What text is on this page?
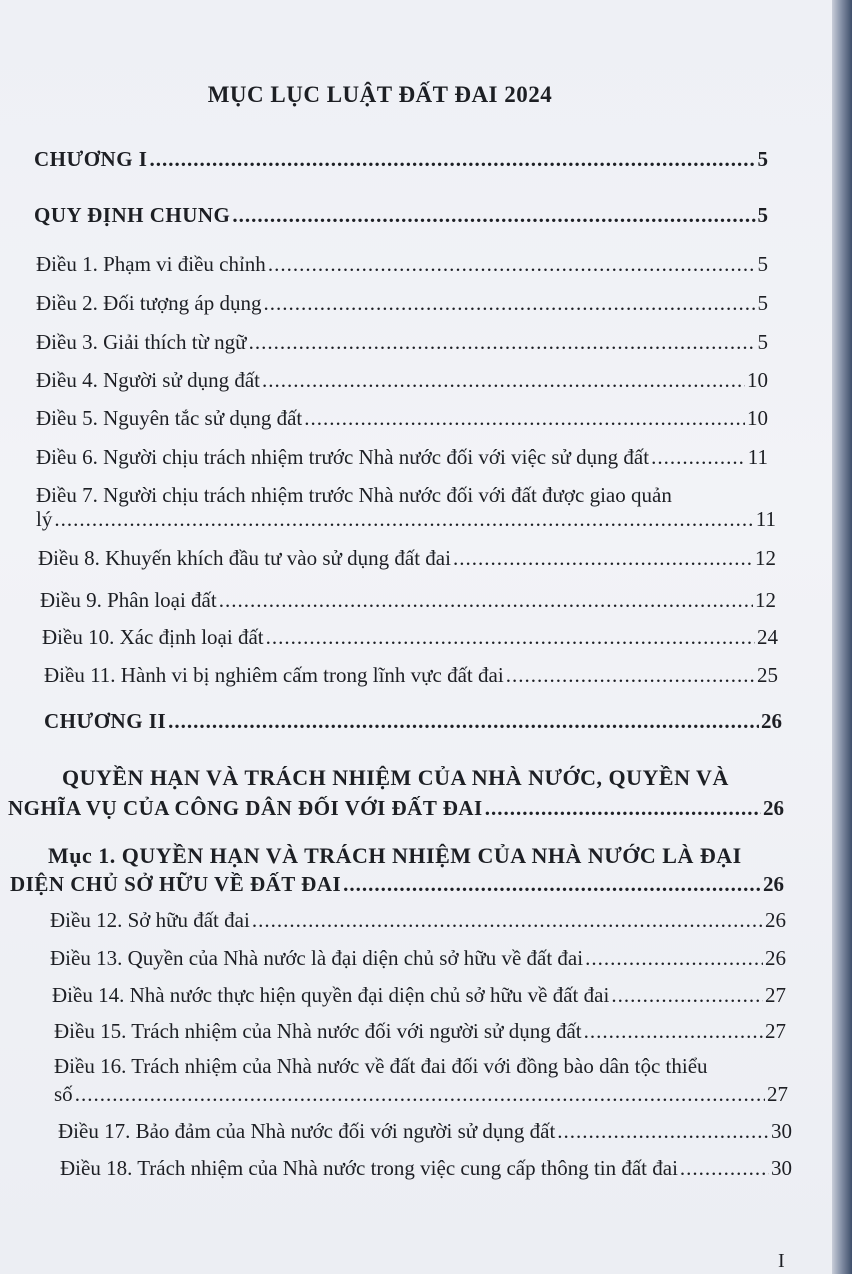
MỤC LỤC LUẬT ĐẤT ĐAI 2024
CHƯƠNG I .....	5
QUY ĐỊNH CHUNG .....	5
Điều 1. Phạm vi điều chỉnh .....	5
Điều 2. Đối tượng áp dụng .....	5
Điều 3. Giải thích từ ngữ .....	5
Điều 4. Người sử dụng đất .....	10
Điều 5. Nguyên tắc sử dụng đất .....	10
Điều 6. Người chịu trách nhiệm trước Nhà nước đối với việc sử dụng đất .....	11
Điều 7. Người chịu trách nhiệm trước Nhà nước đối với đất được giao quản
lý .....	11
Điều 8. Khuyến khích đầu tư vào sử dụng đất đai .....	12
Điều 9. Phân loại đất .....	12
Điều 10. Xác định loại đất .....	24
Điều 11. Hành vi bị nghiêm cấm trong lĩnh vực đất đai .....	25
CHƯƠNG II .....	26
QUYỀN HẠN VÀ TRÁCH NHIỆM CỦA NHÀ NƯỚC, QUYỀN VÀ
NGHĨA VỤ CỦA CÔNG DÂN ĐỐI VỚI ĐẤT ĐAI .....	26
Mục 1. QUYỀN HẠN VÀ TRÁCH NHIỆM CỦA NHÀ NƯỚC LÀ ĐẠI
DIỆN CHỦ SỞ HỮU VỀ ĐẤT ĐAI .....	26
Điều 12. Sở hữu đất đai .....	26
Điều 13. Quyền của Nhà nước là đại diện chủ sở hữu về đất đai .....	26
Điều 14. Nhà nước thực hiện quyền đại diện chủ sở hữu về đất đai .....	27
Điều 15. Trách nhiệm của Nhà nước đối với người sử dụng đất .....	27
Điều 16. Trách nhiệm của Nhà nước về đất đai đối với đồng bào dân tộc thiểu
số .....	27
Điều 17. Bảo đảm của Nhà nước đối với người sử dụng đất .....	30
Điều 18. Trách nhiệm của Nhà nước trong việc cung cấp thông tin đất đai .....	30
I
